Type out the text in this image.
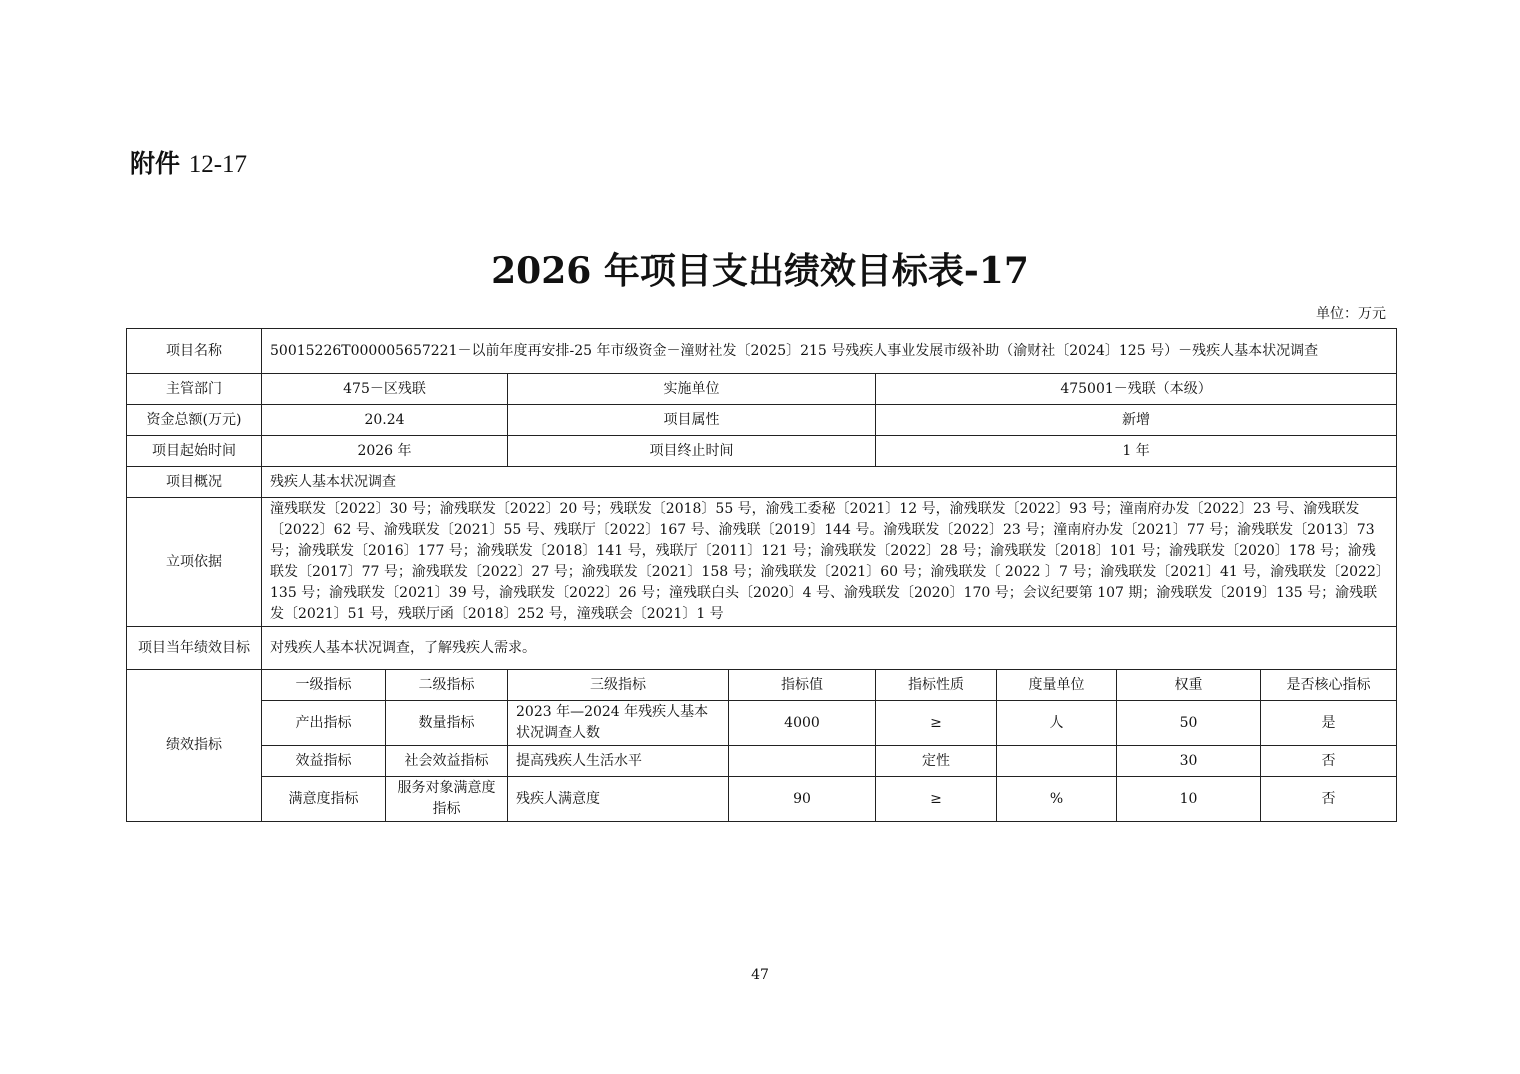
附件 12-17
2026 年项目支出绩效目标表-17
单位：万元
项目名称	50015226T000005657221－以前年度再安排-25 年市级资金－潼财社发〔2025〕215 号残疾人事业发展市级补助（渝财社〔2024〕125 号）－残疾人基本状况调查							
主管部门	475－区残联		实施单位		475001－残联（本级）			
资金总额(万元)	20.24		项目属性		新增			
项目起始时间	2026 年		项目终止时间		1 年			
项目概况	残疾人基本状况调查							
立项依据	潼残联发〔2022〕30 号；渝残联发〔2022〕20 号；残联发〔2018〕55 号，渝残工委秘〔2021〕12 号，渝残联发〔2022〕93 号；潼南府办发〔2022〕23 号、渝残联发〔2022〕62 号、渝残联发〔2021〕55 号、残联厅〔2022〕167 号、渝残联〔2019〕144 号。渝残联发〔2022〕23 号；潼南府办发〔2021〕77 号；渝残联发〔2013〕73 号；渝残联发〔2016〕177 号；渝残联发〔2018〕141 号，残联厅〔2011〕121 号；渝残联发〔2022〕28 号；渝残联发〔2018〕101 号；渝残联发〔2020〕178 号；渝残联发〔2017〕77 号；渝残联发〔2022〕27 号；渝残联发〔2021〕158 号；渝残联发〔2021〕60 号；渝残联发〔 2022 〕7 号；渝残联发〔2021〕41 号，渝残联发〔2022〕135 号；渝残联发〔2021〕39 号，渝残联发〔2022〕26 号；潼残联白头〔2020〕4 号、渝残联发〔2020〕170 号；会议纪要第 107 期；渝残联发〔2019〕135 号；渝残联发〔2021〕51 号，残联厅函〔2018〕252 号，潼残联会〔2021〕1 号							
项目当年绩效目标	对残疾人基本状况调查，了解残疾人需求。							
绩效指标	一级指标	二级指标	三级指标	指标值	指标性质	度量单位	权重	是否核心指标
	产出指标	数量指标	2023 年—2024 年残疾人基本状况调查人数	4000	≥	人	50	是
	效益指标	社会效益指标	提高残疾人生活水平		定性		30	否
	满意度指标	服务对象满意度指标	残疾人满意度	90	≥	%	10	否
47
